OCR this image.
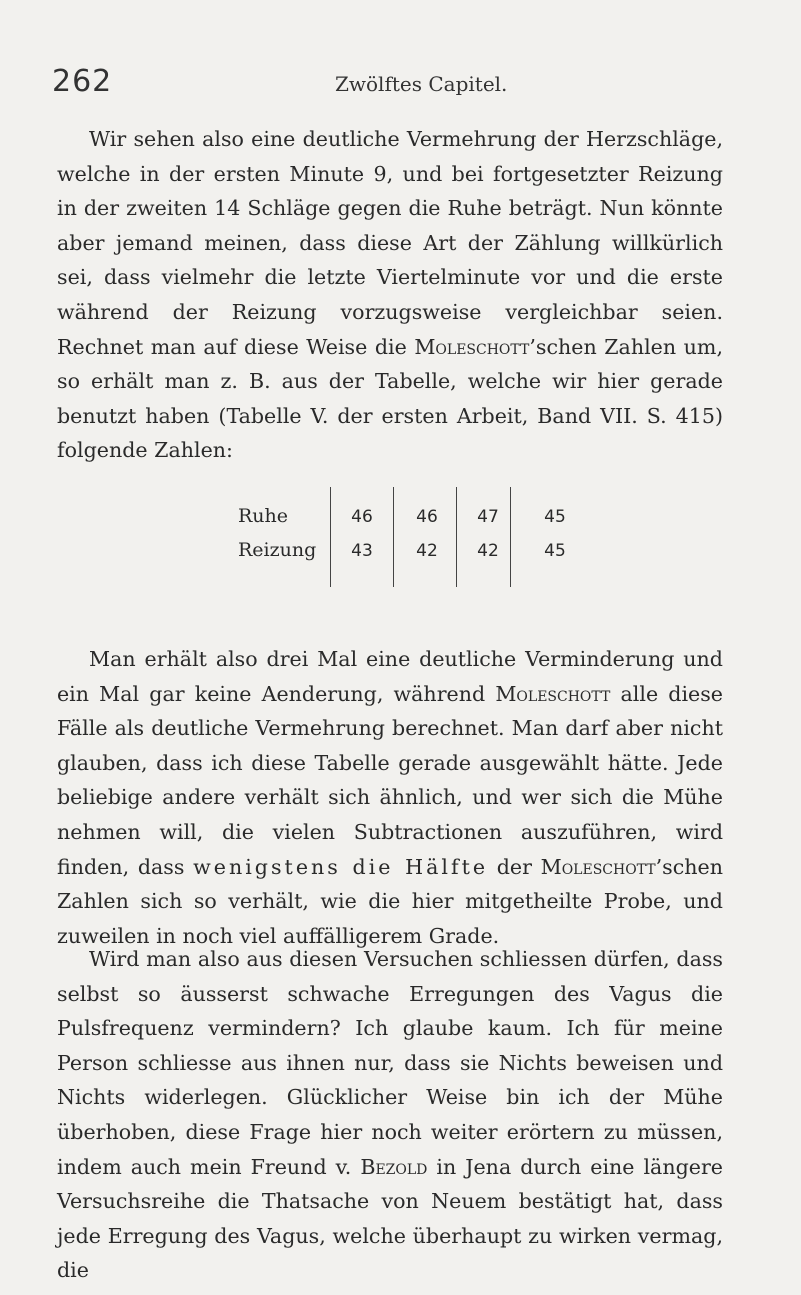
262	Zwölftes Capitel.

Wir sehen also eine deutliche Vermehrung der Herzschläge, welche in der ersten Minute 9, und bei fortgesetzter Reizung in der zweiten 14 Schläge gegen die Ruhe beträgt. Nun könnte aber jemand meinen, dass diese Art der Zählung willkürlich sei, dass vielmehr die letzte Viertelminute vor und die erste während der Reizung vorzugsweise vergleichbar seien. Rechnet man auf diese Weise die Moleschott’schen Zahlen um, so erhält man z. B. aus der Tabelle, welche wir hier gerade benutzt haben (Tabelle V. der ersten Arbeit, Band VII. S. 415) folgende Zahlen:

Ruhe	46	46	47	45
Reizung	43	42	42	45

Man erhält also drei Mal eine deutliche Verminderung und ein Mal gar keine Aenderung, während Moleschott alle diese Fälle als deutliche Vermehrung berechnet. Man darf aber nicht glauben, dass ich diese Tabelle gerade ausgewählt hätte. Jede beliebige andere verhält sich ähnlich, und wer sich die Mühe nehmen will, die vielen Subtractionen auszuführen, wird finden, dass wenigstens die Hälfte der Moleschott’schen Zahlen sich so verhält, wie die hier mitgetheilte Probe, und zuweilen in noch viel auffälligerem Grade.

Wird man also aus diesen Versuchen schliessen dürfen, dass selbst so äusserst schwache Erregungen des Vagus die Pulsfrequenz vermindern? Ich glaube kaum. Ich für meine Person schliesse aus ihnen nur, dass sie Nichts beweisen und Nichts widerlegen. Glücklicher Weise bin ich der Mühe überhoben, diese Frage hier noch weiter erörtern zu müssen, indem auch mein Freund v. Bezold in Jena durch eine längere Versuchsreihe die Thatsache von Neuem bestätigt hat, dass jede Erregung des Vagus, welche überhaupt zu wirken vermag, die
